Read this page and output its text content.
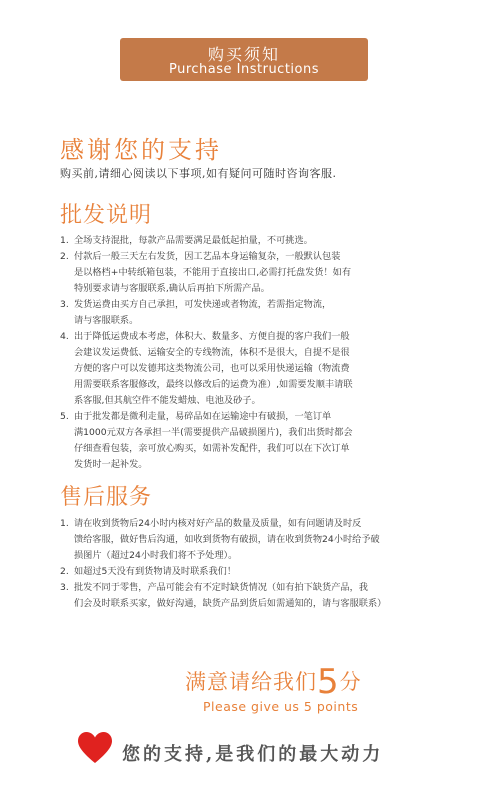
购买须知
Purchase Instructions
感谢您的支持
购买前,请细心阅读以下事项,如有疑问可随时咨询客服.
批发说明
1. 全场支持混批，每款产品需要满足最低起拍量，不可挑选。
2. 付款后一般三天左右发货，因工艺品本身运输复杂，一般默认包装
是以格档+中转纸箱包装，不能用于直接出口,必需打托盘发货！如有
特别要求请与客服联系,确认后再拍下所需产品。
3. 发货运费由买方自己承担，可发快递或者物流，若需指定物流，
请与客服联系。
4. 出于降低运费成本考虑，体积大、数量多、方便自提的客户我们一般
会建议发运费低、运输安全的专线物流，体积不是很大，自提不是很
方便的客户可以发德邦这类物流公司，也可以采用快递运输（物流费
用需要联系客服修改，最终以修改后的运费为准）,如需要发顺丰请联
系客服,但其航空件不能发蜡烛、电池及砂子。
5. 由于批发都是微利走量，易碎品如在运输途中有破损，一笔订单
满1000元双方各承担一半(需要提供产品破损图片)，我们出货时都会
仔细查看包装，亲可放心购买，如需补发配件，我们可以在下次订单
发货时一起补发。
售后服务
1. 请在收到货物后24小时内核对好产品的数量及质量，如有问题请及时反
馈给客服，做好售后沟通，如收到货物有破损，请在收到货物24小时给予破
损图片（超过24小时我们将不予处理）。
2. 如超过5天没有到货物请及时联系我们！
3. 批发不同于零售，产品可能会有不定时缺货情况（如有拍下缺货产品，我
们会及时联系买家，做好沟通，缺货产品到货后如需通知的，请与客服联系）
满意请给我们5分
Please give us 5 points
您的支持,是我们的最大动力
